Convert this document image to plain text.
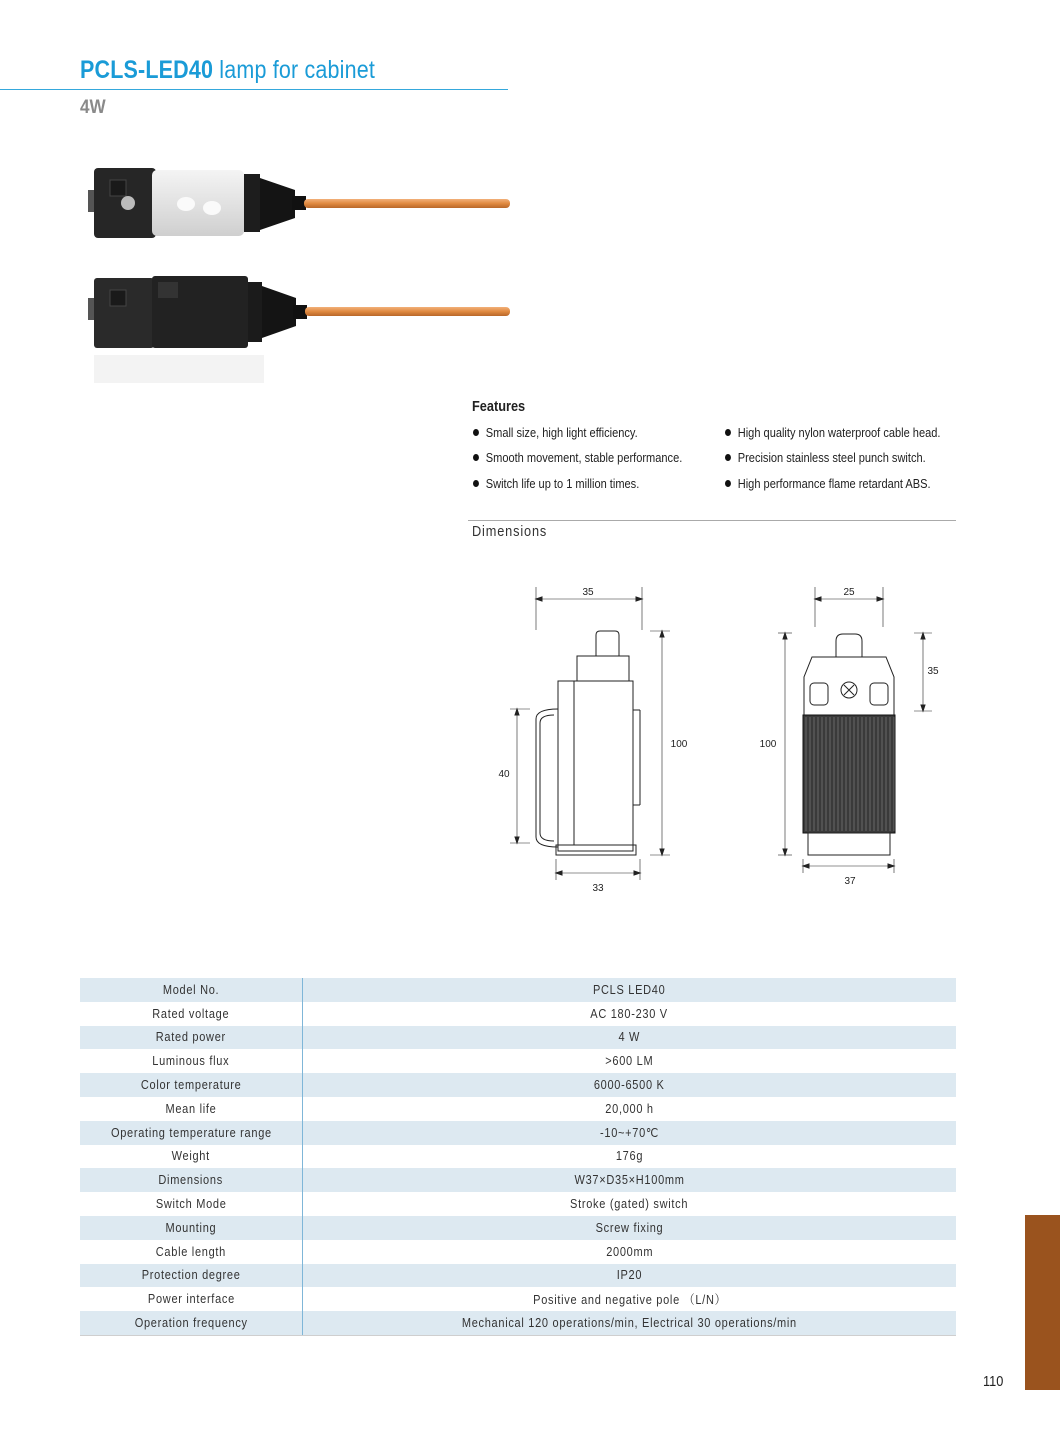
PCLS-LED40 lamp for cabinet
4W
Features
Small size, high light efficiency.
Smooth movement, stable performance.
Switch life up to 1 million times.
High quality nylon waterproof cable head.
Precision stainless steel punch switch.
High performance flame retardant ABS.
Dimensions
35
33
100
40
25
100
35
37
Model No.	PCLS LED40
Rated voltage	AC 180-230 V
Rated power	4 W
Luminous flux	>600 LM
Color temperature	6000-6500 K
Mean life	20,000 h
Operating temperature range	-10~+70℃
Weight	176g
Dimensions	W37×D35×H100mm
Switch Mode	Stroke (gated) switch
Mounting	Screw fixing
Cable length	2000mm
Protection degree	IP20
Power interface	Positive and negative pole （L/N）
Operation frequency	Mechanical 120 operations/min, Electrical 30 operations/min
110
